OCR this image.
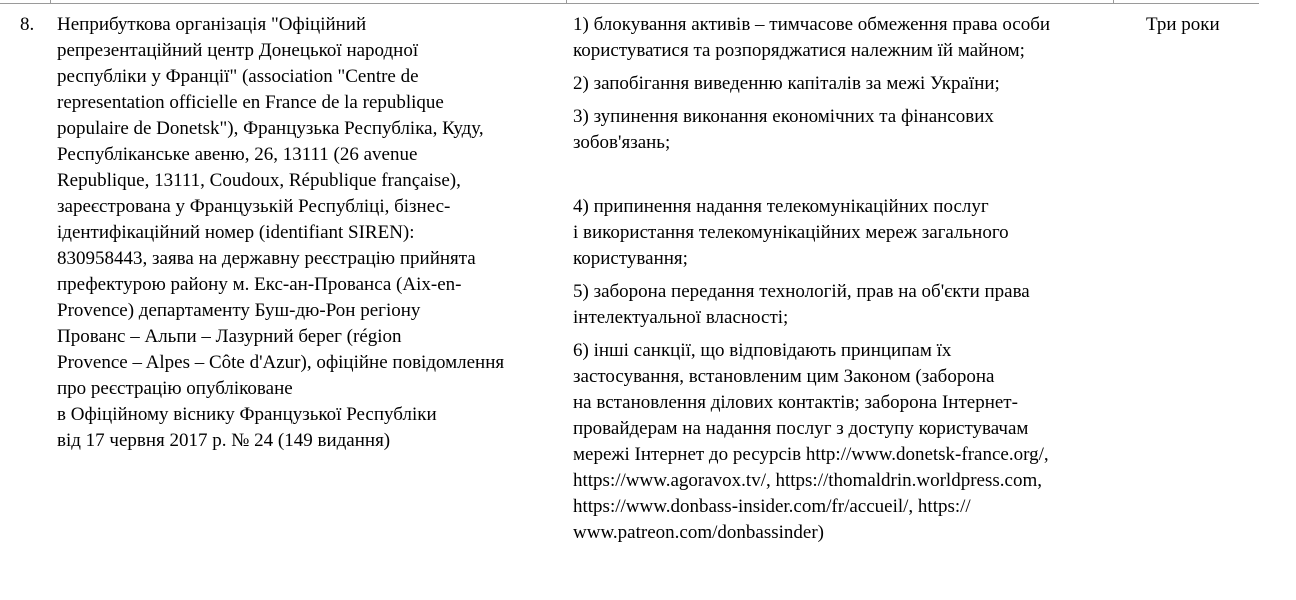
8. Неприбуткова організація "Офіційний
репрезентаційний центр Донецької народної
республіки у Франції" (association "Centre de
representation officielle en France de la republique
populaire de Donetsk"), Французька Республіка, Куду,
Республіканське авеню, 26, 13111 (26 avenue
Republique, 13111, Coudoux, République française),
зареєстрована у Французькій Республіці, бізнес-
ідентифікаційний номер (identifiant SIREN):
830958443, заява на державну реєстрацію прийнята
префектурою району м. Екс-ан-Прованса (Aix-en-
Provence) департаменту Буш-дю-Рон регіону
Прованс – Альпи – Лазурний берег (région
Provence – Alpes – Côte d'Azur), офіційне повідомлення
про реєстрацію опубліковане
в Офіційному віснику Французької Республіки
від 17 червня 2017 р. № 24 (149 видання)

1) блокування активів – тимчасове обмеження права особи
користуватися та розпоряджатися належним їй майном;

2) запобігання виведенню капіталів за межі України;

3) зупинення виконання економічних та фінансових
зобов'язань;

4) припинення надання телекомунікаційних послуг
і використання телекомунікаційних мереж загального
користування;

5) заборона передання технологій, прав на об'єкти права
інтелектуальної власності;

6) інші санкції, що відповідають принципам їх
застосування, встановленим цим Законом (заборона
на встановлення ділових контактів; заборона Інтернет-
провайдерам на надання послуг з доступу користувачам
мережі Інтернет до ресурсів http://www.donetsk-france.org/,
https://www.agoravox.tv/, https://thomaldrin.worldpress.com,
https://www.donbass-insider.com/fr/accueil/, https://
www.patreon.com/donbassinder)

Три роки
